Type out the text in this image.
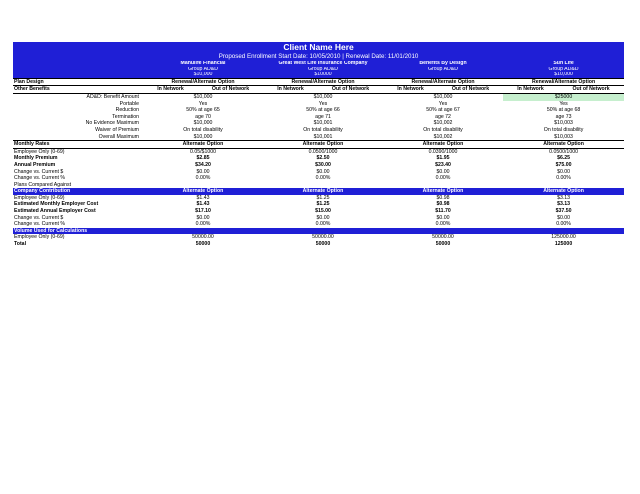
Client Name Here								
Proposed Enrollment Start Date: 10/05/2010 | Renewal Date: 11/01/2010								
	Manulife Financial		Great West Life Insurance Company		Benefits By Design		Sun Life	
	Group AD&D		Group AD&D		Group AD&D		Group AD&D	
	$10,000		$10000				$10,000	
Plan Design	Renewal/Alternate Option		Renewal/Alternate Option		Renewal/Alternate Option		Renewal/Alternate Option	
Other Benefits	In Network	Out of Network	In Network	Out of Network	In Network	Out of Network	In Network	Out of Network
AD&D: Benefit Amount	$10,000		$10,000		$10,000		$25000	
Portable	Yes		Yes		Yes		Yes	
Reduction	50% at age 65		50% at age 66		50% at age 67		50% at age 68	
Termination	age 70		age 71		age 72		age 73	
No Evidence Maximum	$10,000		$10,001		$10,002		$10,003	
Waiver of Premium	On total disability		On total disability		On total disability		On total disability	
Overall Maximum	$10,000		$10,001		$10,002		$10,003	
Monthly Rates	Alternate Option		Alternate Option		Alternate Option		Alternate Option	
Employee Only (0-69)	0.05/$1000		0.0500/1000		0.0390/1000		0.0500/1000	
Monthly Premium	$2.85		$2.50		$1.95		$6.25	
Annual Premium	$34.20		$30.00		$23.40		$75.00	
Change vs. Current $	$0.00		$0.00		$0.00		$0.00	
Change vs. Current %	0.00%		0.00%		0.00%		0.00%	
Plans Compared Against								
Company Contribution	Alternate Option		Alternate Option		Alternate Option		Alternate Option	
Employee Only (0-69)	$1.43		$1.25		$0.98		$3.13	
Estimated Monthly Employer Cost	$1.43		$1.25		$0.98		$3.13	
Estimated Annual Employer Cost	$17.10		$15.00		$11.70		$37.50	
Change vs. Current $	$0.00		$0.00		$0.00		$0.00	
Change vs. Current %	0.00%		0.00%		0.00%		0.00%	
Volume Used for Calculations								
Employee Only (0-69)	50000.00		50000.00		50000.00		125000.00	
Total	50000		50000		50000		125000	
